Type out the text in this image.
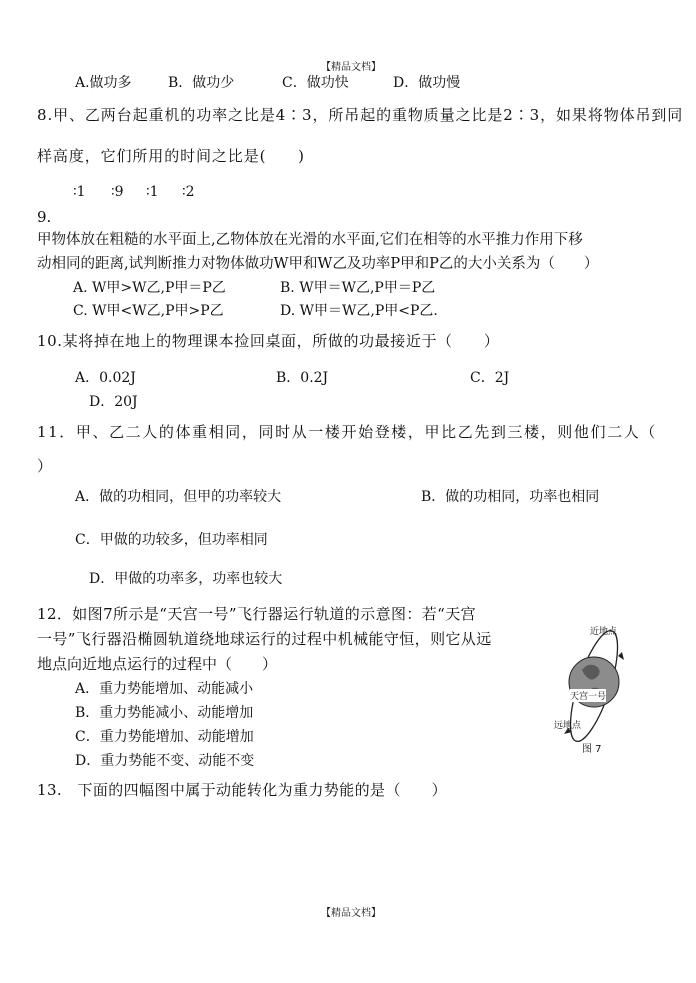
【精品文档】
【精品文档】
A.做功多	B．做功少	C．做功快	D．做功慢
8.甲、乙两台起重机的功率之比是4∶3，所吊起的重物质量之比是2∶3，如果将物体吊到同
样高度，它们所用的时间之比是(　　)
∶1 ∶9 ∶1 ∶2
9.
甲物体放在粗糙的水平面上,乙物体放在光滑的水平面,它们在相等的水平推力作用下移
动相同的距离,试判断推力对物体做功W甲和W乙及功率P甲和P乙的大小关系为（　　）
A. W甲>W乙,P甲＝P乙	B. W甲＝W乙,P甲＝P乙
C. W甲<W乙,P甲>P乙	D. W甲＝W乙,P甲<P乙.
10.某将掉在地上的物理课本捡回桌面，所做的功最接近于（　　）
A．0.02J	B．0.2J	C．2J
D．20J
11．甲、乙二人的体重相同，同时从一楼开始登楼，甲比乙先到三楼，则他们二人（
）
A．做的功相同，但甲的功率较大	B．做的功相同，功率也相同
C．甲做的功较多，但功率相同
D．甲做的功率多，功率也较大
12．如图7所示是“天宫一号”飞行器运行轨道的示意图：若“天宫
一号”飞行器沿椭圆轨道绕地球运行的过程中机械能守恒，则它从远
地点向近地点运行的过程中（　　）
A．重力势能增加、动能减小
B．重力势能减小、动能增加
C．重力势能增加、动能增加
D．重力势能不变、动能不变
近地点
天宫一号
远地点
图 7
13.　下面的四幅图中属于动能转化为重力势能的是（　　）
